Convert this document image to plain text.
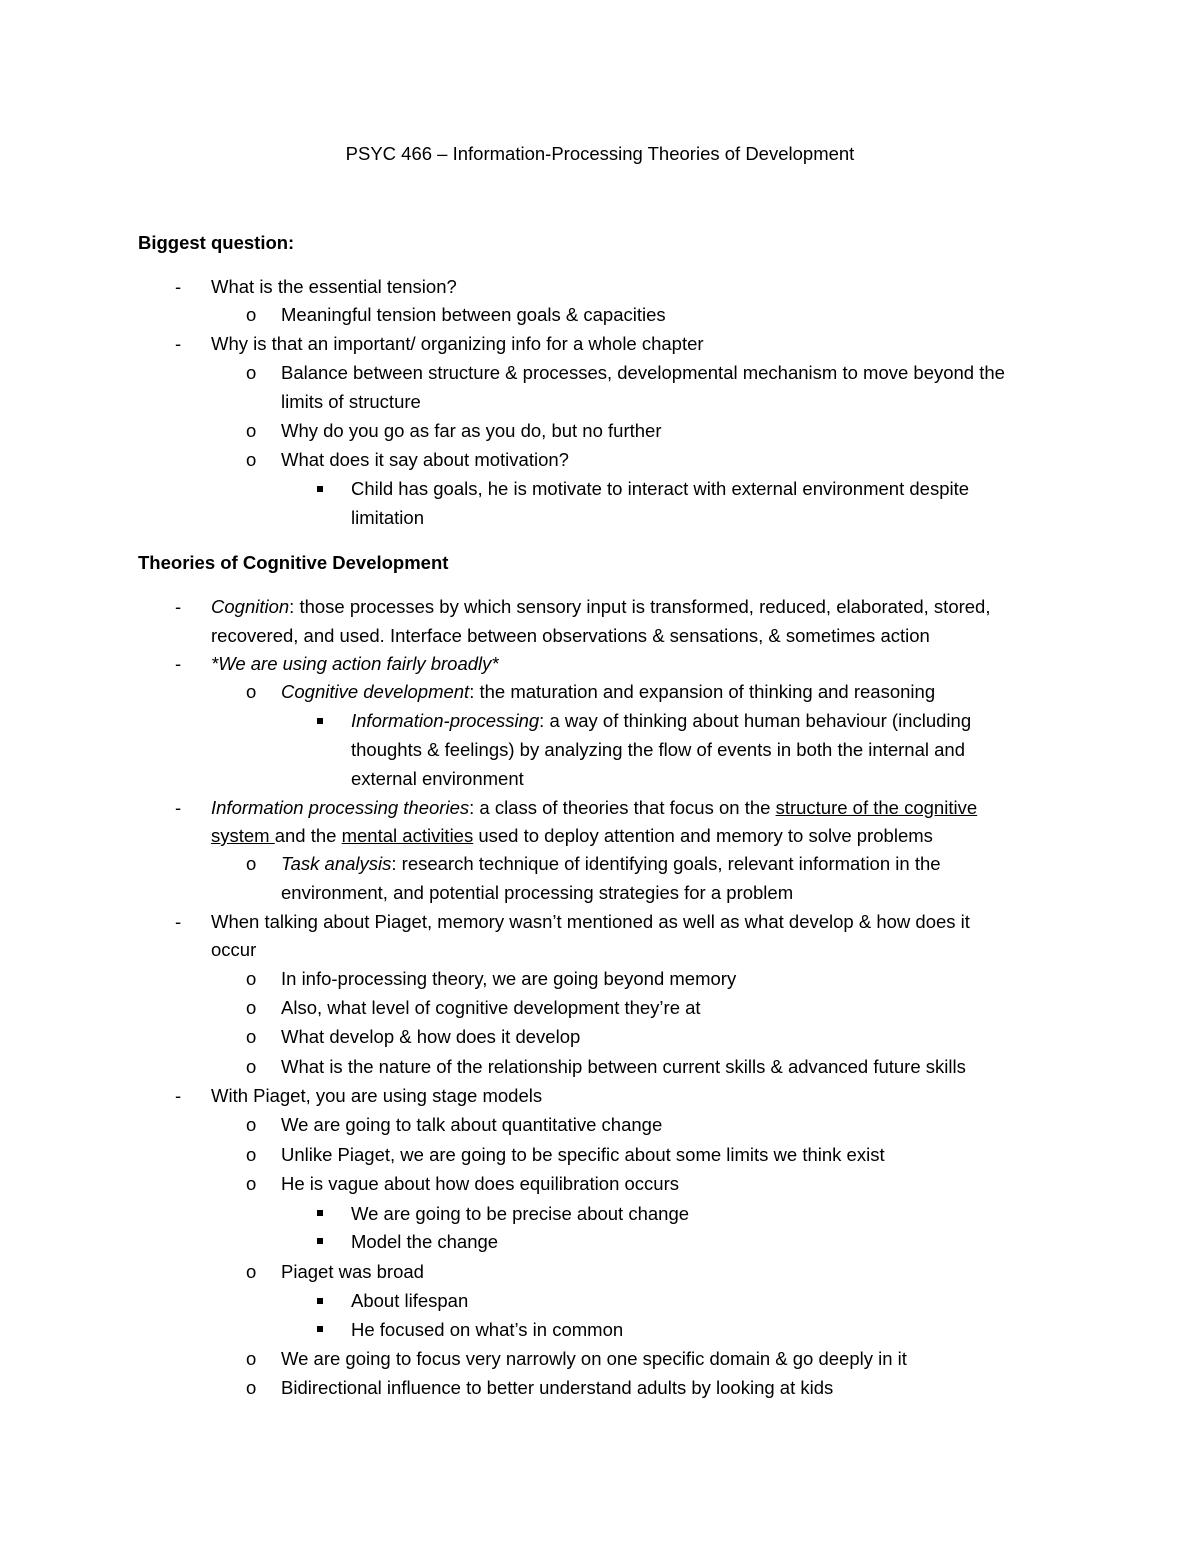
PSYC 466 – Information-Processing Theories of Development
Biggest question:
- What is the essential tension?
o Meaningful tension between goals & capacities
- Why is that an important/ organizing info for a whole chapter
o Balance between structure & processes, developmental mechanism to move beyond the
limits of structure
o Why do you go as far as you do, but no further
o What does it say about motivation?
Child has goals, he is motivate to interact with external environment despite
limitation
Theories of Cognitive Development
- Cognition: those processes by which sensory input is transformed, reduced, elaborated, stored,
recovered, and used. Interface between observations & sensations, & sometimes action
- *We are using action fairly broadly*
o Cognitive development: the maturation and expansion of thinking and reasoning
Information-processing: a way of thinking about human behaviour (including
thoughts & feelings) by analyzing the flow of events in both the internal and
external environment
- Information processing theories: a class of theories that focus on the structure of the cognitive
system and the mental activities used to deploy attention and memory to solve problems
o Task analysis: research technique of identifying goals, relevant information in the
environment, and potential processing strategies for a problem
- When talking about Piaget, memory wasn’t mentioned as well as what develop & how does it
occur
o In info-processing theory, we are going beyond memory
o Also, what level of cognitive development they’re at
o What develop & how does it develop
o What is the nature of the relationship between current skills & advanced future skills
- With Piaget, you are using stage models
o We are going to talk about quantitative change
o Unlike Piaget, we are going to be specific about some limits we think exist
o He is vague about how does equilibration occurs
We are going to be precise about change
Model the change
o Piaget was broad
About lifespan
He focused on what’s in common
o We are going to focus very narrowly on one specific domain & go deeply in it
o Bidirectional influence to better understand adults by looking at kids
